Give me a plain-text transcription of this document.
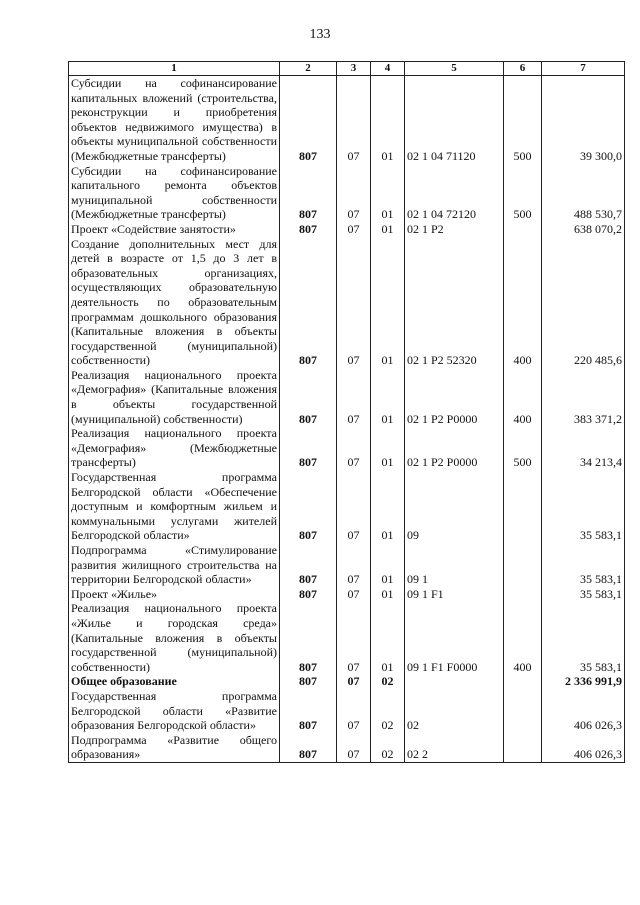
133
1	2	3	4	5	6	7
Субсидии на софинансирование капитальных вложений (строительства, реконструкции и приобретения объектов недвижимого имущества) в объекты муниципальной собственности (Межбюджетные трансферты)	807	07	01	02 1 04 71120	500	39 300,0
Субсидии на софинансирование капитального ремонта объектов муниципальной собственности (Межбюджетные трансферты)	807	07	01	02 1 04 72120	500	488 530,7
Проект «Содействие занятости»	807	07	01	02 1 P2		638 070,2
Создание дополнительных мест для детей в возрасте от 1,5 до 3 лет в образовательных организациях, осуществляющих образовательную деятельность по образовательным программам дошкольного образования (Капитальные вложения в объекты государственной (муниципальной) собственности)	807	07	01	02 1 P2 52320	400	220 485,6
Реализация национального проекта «Демография» (Капитальные вложения в объекты государственной (муниципальной) собственности)	807	07	01	02 1 P2 P0000	400	383 371,2
Реализация национального проекта «Демография» (Межбюджетные трансферты)	807	07	01	02 1 P2 P0000	500	34 213,4
Государственная программа Белгородской области «Обеспечение доступным и комфортным жильем и коммунальными услугами жителей Белгородской области»	807	07	01	09		35 583,1
Подпрограмма «Стимулирование развития жилищного строительства на территории Белгородской области»	807	07	01	09 1		35 583,1
Проект «Жилье»	807	07	01	09 1 F1		35 583,1
Реализация национального проекта «Жилье и городская среда» (Капитальные вложения в объекты государственной (муниципальной) собственности)	807	07	01	09 1 F1 F0000	400	35 583,1
Общее образование	807	07	02			2 336 991,9
Государственная программа Белгородской области «Развитие образования Белгородской области»	807	07	02	02		406 026,3
Подпрограмма «Развитие общего образования»	807	07	02	02 2		406 026,3
